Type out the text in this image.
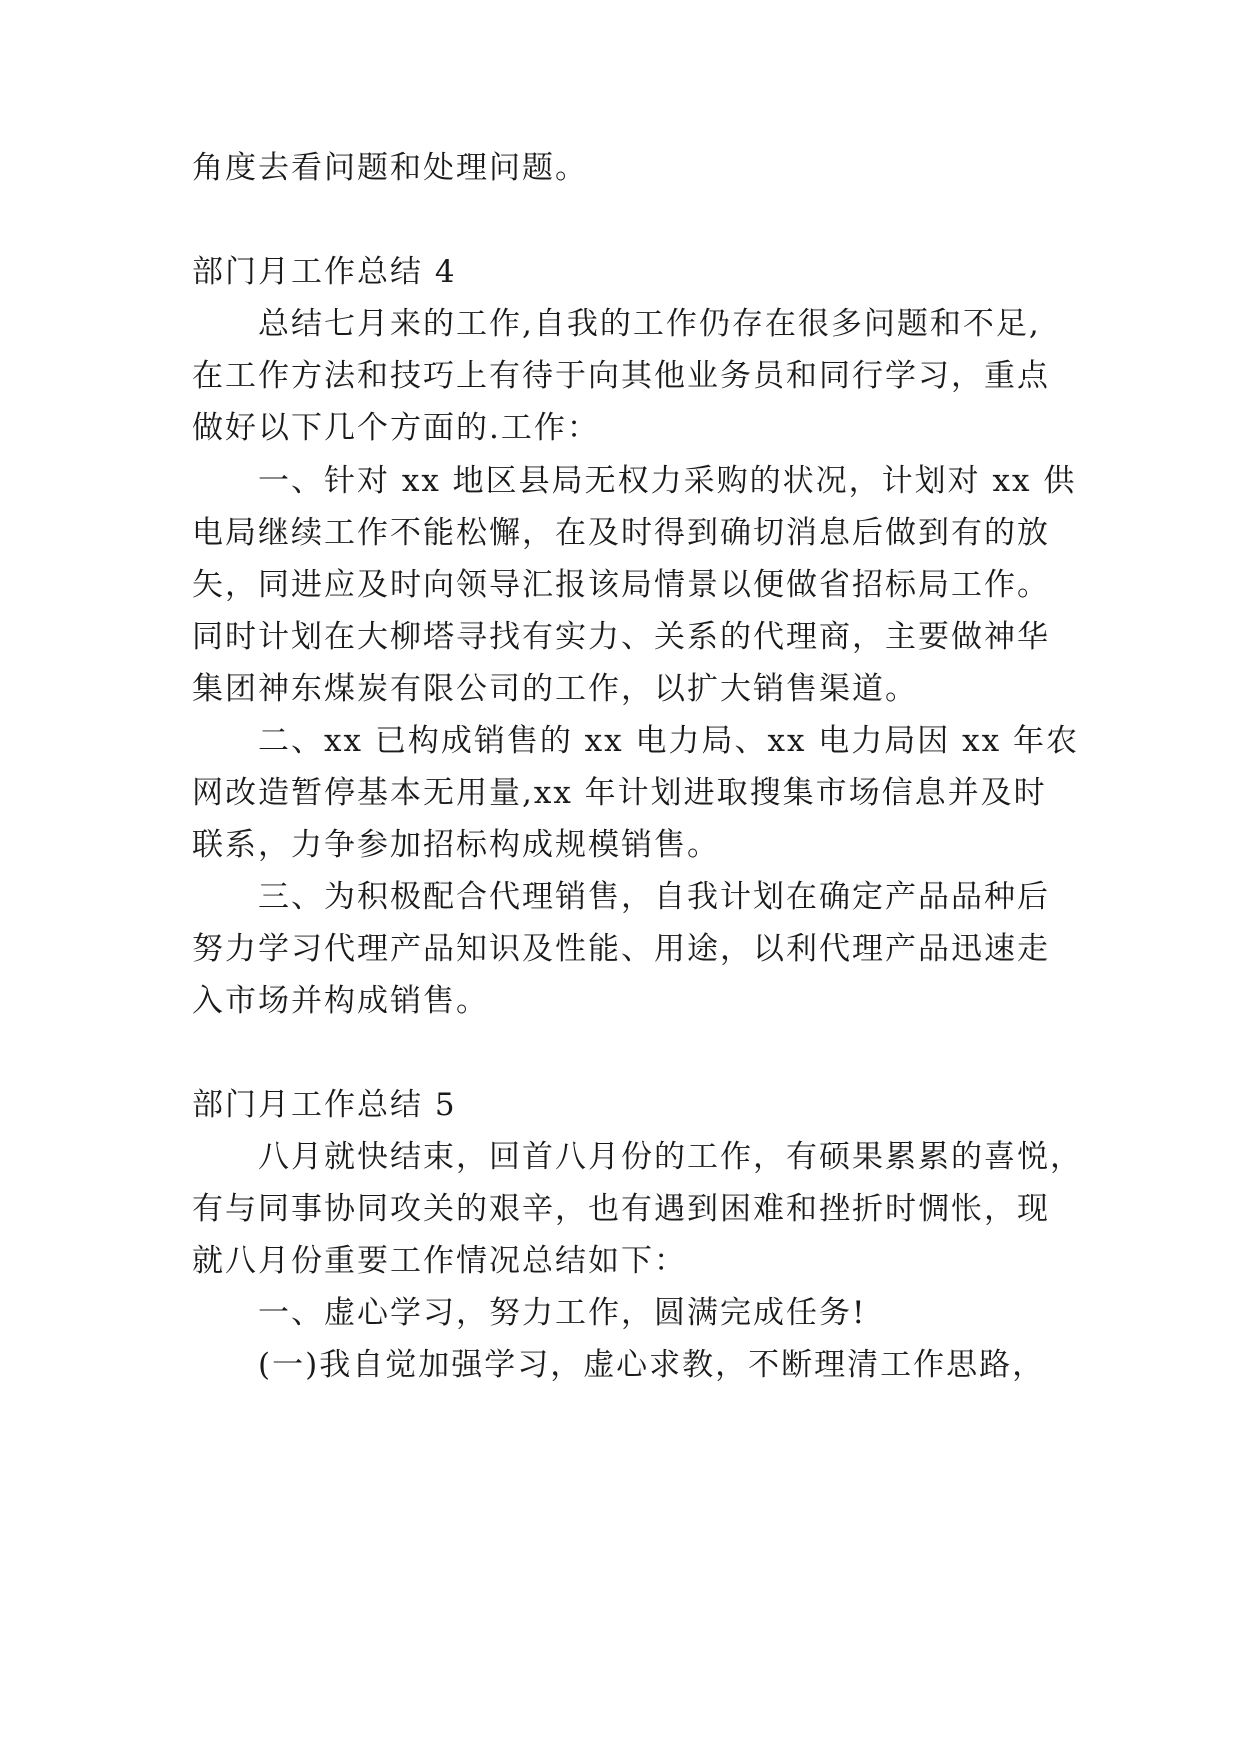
角度去看问题和处理问题。
部门月工作总结 4
总结七月来的工作,自我的工作仍存在很多问题和不足,
在工作方法和技巧上有待于向其他业务员和同行学习，重点
做好以下几个方面的.工作：
一、针对 xx 地区县局无权力采购的状况，计划对 xx 供
电局继续工作不能松懈，在及时得到确切消息后做到有的放
矢，同进应及时向领导汇报该局情景以便做省招标局工作。
同时计划在大柳塔寻找有实力、关系的代理商，主要做神华
集团神东煤炭有限公司的工作，以扩大销售渠道。
二、xx 已构成销售的 xx 电力局、xx 电力局因 xx 年农
网改造暂停基本无用量,xx 年计划进取搜集市场信息并及时
联系，力争参加招标构成规模销售。
三、为积极配合代理销售，自我计划在确定产品品种后
努力学习代理产品知识及性能、用途，以利代理产品迅速走
入市场并构成销售。
部门月工作总结 5
八月就快结束，回首八月份的工作，有硕果累累的喜悦，
有与同事协同攻关的艰辛，也有遇到困难和挫折时惆怅，现
就八月份重要工作情况总结如下：
一、虚心学习，努力工作，圆满完成任务!
(一)我自觉加强学习，虚心求教，不断理清工作思路，
